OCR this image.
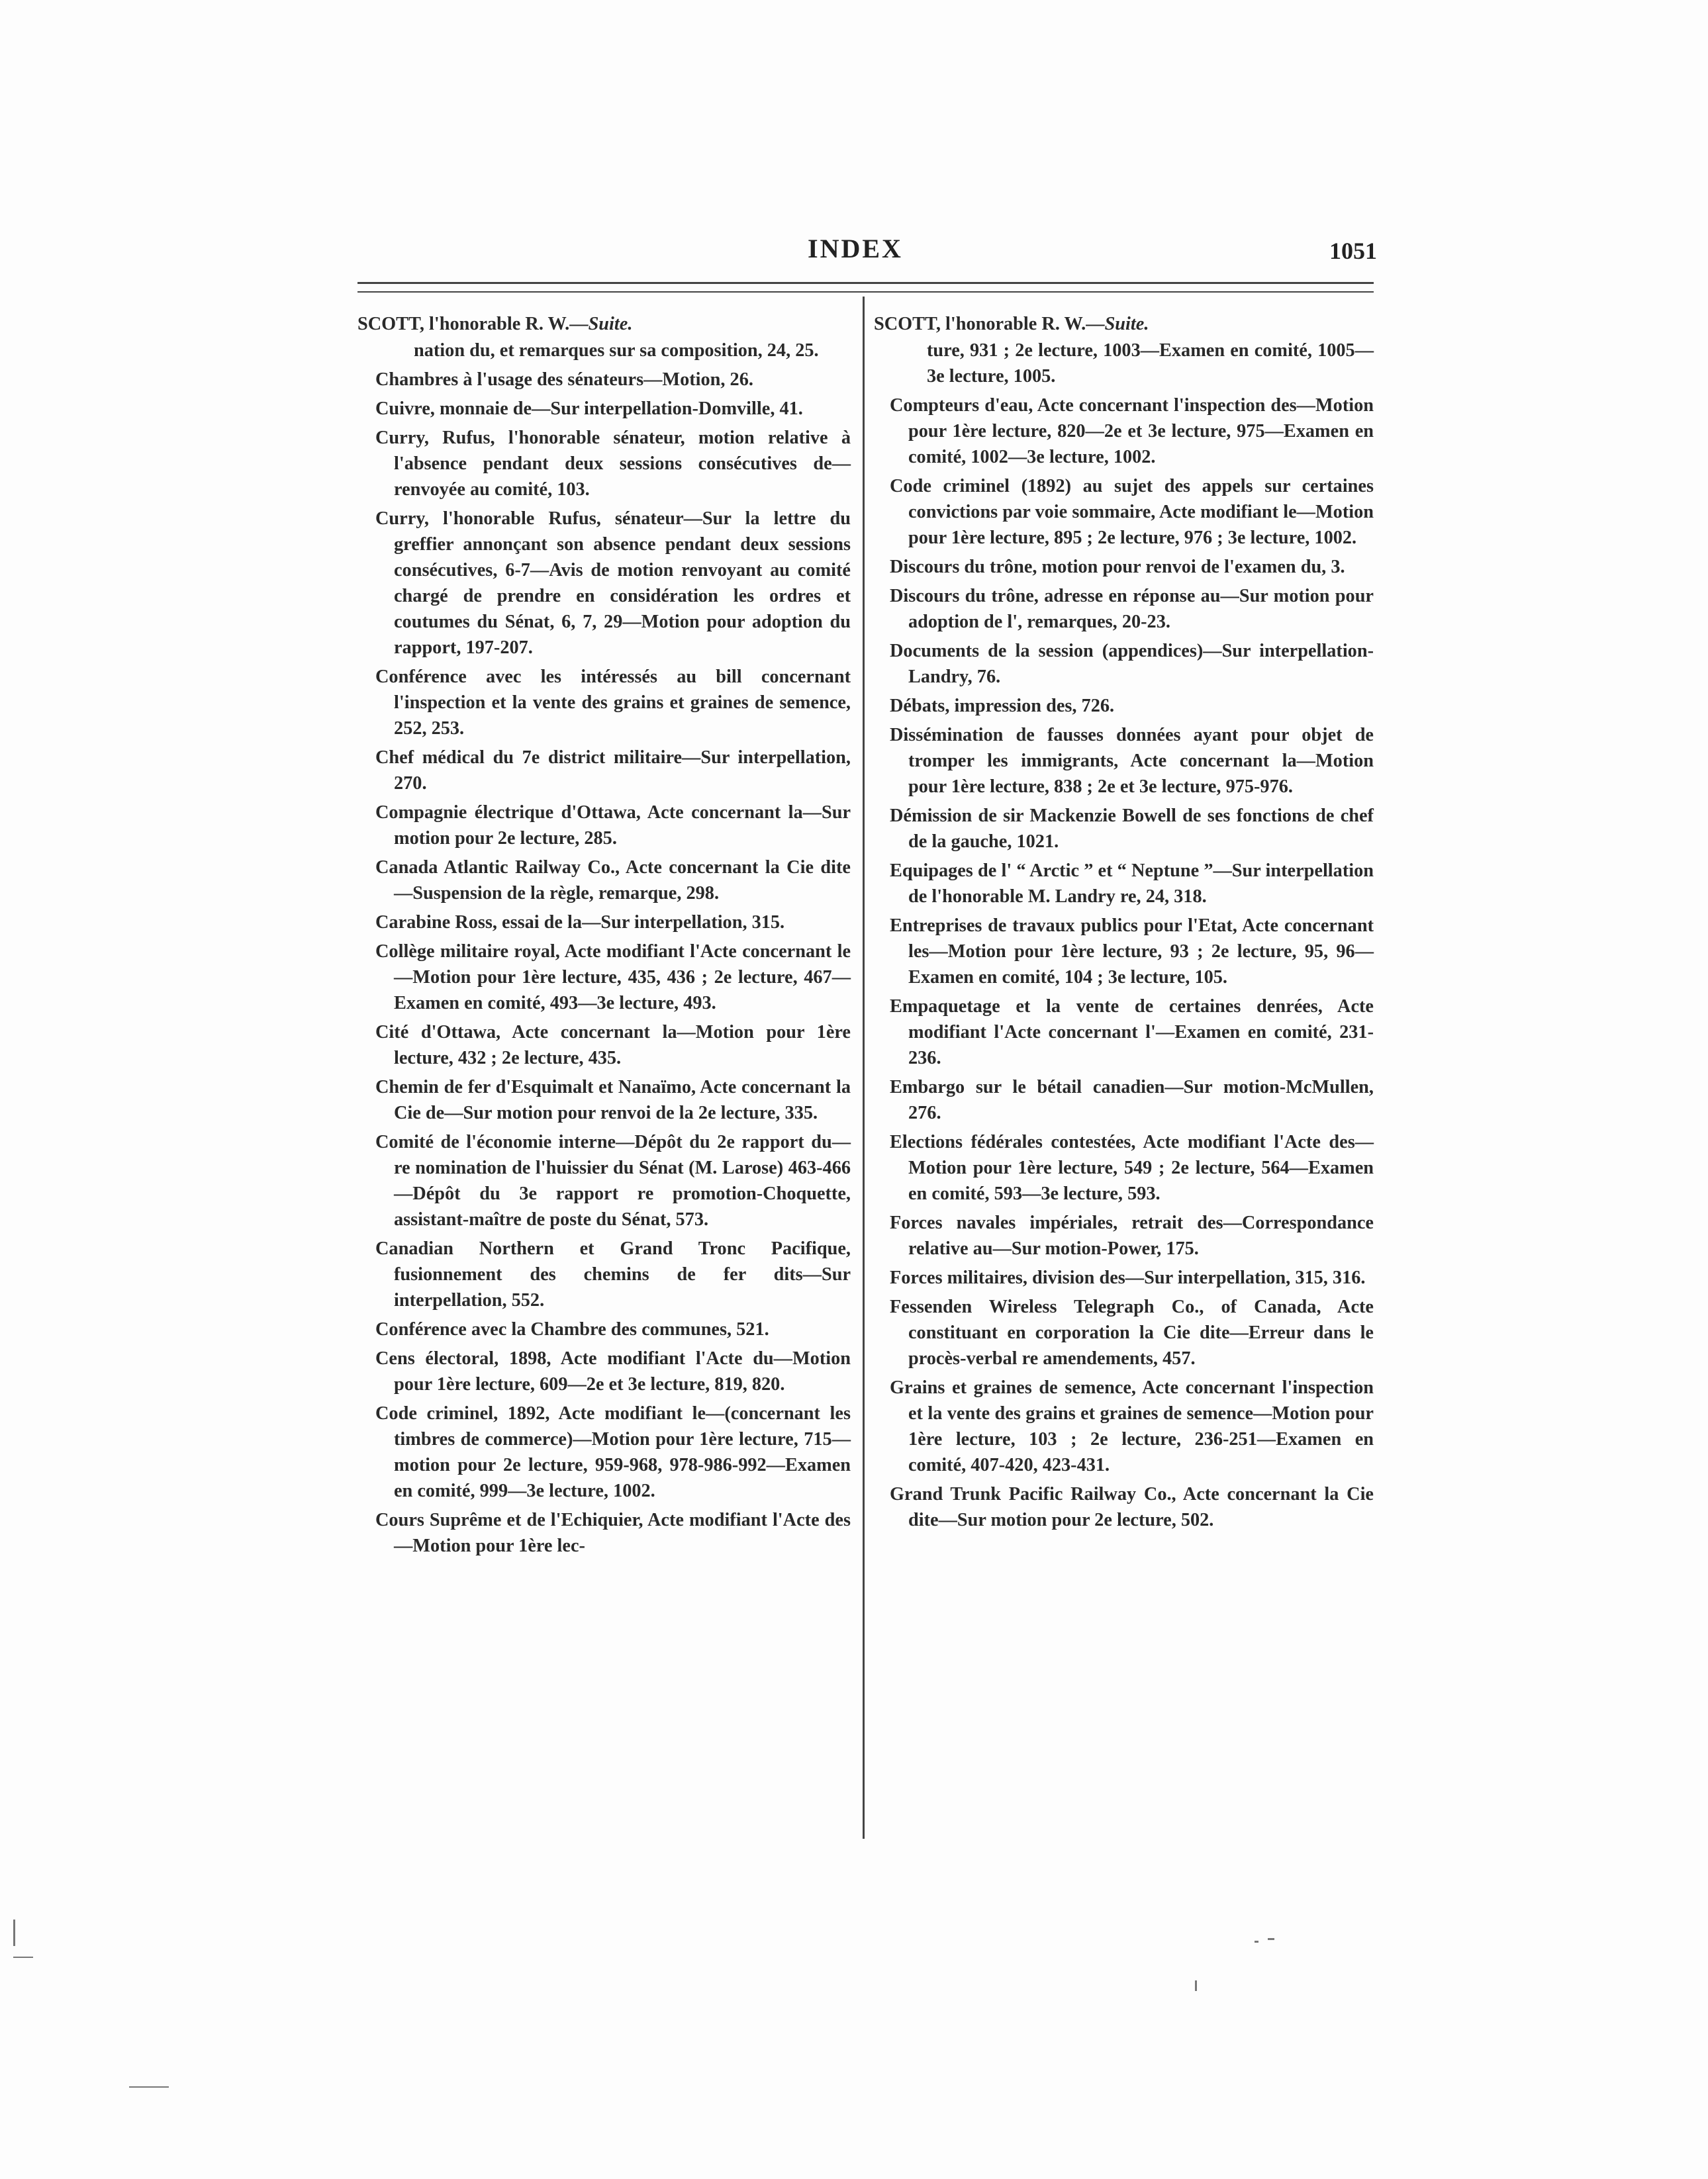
INDEX	1051
SCOTT, l'honorable R. W.—Suite.
nation du, et remarques sur sa composition, 24, 25.
Chambres à l'usage des sénateurs—Motion, 26.
Cuivre, monnaie de—Sur interpellation-Domville, 41.
Curry, Rufus, l'honorable sénateur, motion relative à l'absence pendant deux sessions consécutives de—renvoyée au comité, 103.
Curry, l'honorable Rufus, sénateur—Sur la lettre du greffier annonçant son absence pendant deux sessions consécutives, 6-7—Avis de motion renvoyant au comité chargé de prendre en considération les ordres et coutumes du Sénat, 6, 7, 29—Motion pour adoption du rapport, 197-207.
Conférence avec les intéressés au bill concernant l'inspection et la vente des grains et graines de semence, 252, 253.
Chef médical du 7e district militaire—Sur interpellation, 270.
Compagnie électrique d'Ottawa, Acte concernant la—Sur motion pour 2e lecture, 285.
Canada Atlantic Railway Co., Acte concernant la Cie dite—Suspension de la règle, remarque, 298.
Carabine Ross, essai de la—Sur interpellation, 315.
Collège militaire royal, Acte modifiant l'Acte concernant le—Motion pour 1ère lecture, 435, 436 ; 2e lecture, 467—Examen en comité, 493—3e lecture, 493.
Cité d'Ottawa, Acte concernant la—Motion pour 1ère lecture, 432 ; 2e lecture, 435.
Chemin de fer d'Esquimalt et Nanaïmo, Acte concernant la Cie de—Sur motion pour renvoi de la 2e lecture, 335.
Comité de l'économie interne—Dépôt du 2e rapport du—re nomination de l'huissier du Sénat (M. Larose) 463-466—Dépôt du 3e rapport re promotion-Choquette, assistant-maître de poste du Sénat, 573.
Canadian Northern et Grand Tronc Pacifique, fusionnement des chemins de fer dits—Sur interpellation, 552.
Conférence avec la Chambre des communes, 521.
Cens électoral, 1898, Acte modifiant l'Acte du—Motion pour 1ère lecture, 609—2e et 3e lecture, 819, 820.
Code criminel, 1892, Acte modifiant le—(concernant les timbres de commerce)—Motion pour 1ère lecture, 715—motion pour 2e lecture, 959-968, 978-986-992—Examen en comité, 999—3e lecture, 1002.
Cours Suprême et de l'Echiquier, Acte modifiant l'Acte des—Motion pour 1ère lec-
SCOTT, l'honorable R. W.—Suite.
ture, 931 ; 2e lecture, 1003—Examen en comité, 1005—3e lecture, 1005.
Compteurs d'eau, Acte concernant l'inspection des—Motion pour 1ère lecture, 820—2e et 3e lecture, 975—Examen en comité, 1002—3e lecture, 1002.
Code criminel (1892) au sujet des appels sur certaines convictions par voie sommaire, Acte modifiant le—Motion pour 1ère lecture, 895 ; 2e lecture, 976 ; 3e lecture, 1002.
Discours du trône, motion pour renvoi de l'examen du, 3.
Discours du trône, adresse en réponse au—Sur motion pour adoption de l', remarques, 20-23.
Documents de la session (appendices)—Sur interpellation-Landry, 76.
Débats, impression des, 726.
Dissémination de fausses données ayant pour objet de tromper les immigrants, Acte concernant la—Motion pour 1ère lecture, 838 ; 2e et 3e lecture, 975-976.
Démission de sir Mackenzie Bowell de ses fonctions de chef de la gauche, 1021.
Equipages de l' “ Arctic ” et “ Neptune ”—Sur interpellation de l'honorable M. Landry re, 24, 318.
Entreprises de travaux publics pour l'Etat, Acte concernant les—Motion pour 1ère lecture, 93 ; 2e lecture, 95, 96—Examen en comité, 104 ; 3e lecture, 105.
Empaquetage et la vente de certaines denrées, Acte modifiant l'Acte concernant l'—Examen en comité, 231-236.
Embargo sur le bétail canadien—Sur motion-McMullen, 276.
Elections fédérales contestées, Acte modifiant l'Acte des—Motion pour 1ère lecture, 549 ; 2e lecture, 564—Examen en comité, 593—3e lecture, 593.
Forces navales impériales, retrait des—Correspondance relative au—Sur motion-Power, 175.
Forces militaires, division des—Sur interpellation, 315, 316.
Fessenden Wireless Telegraph Co., of Canada, Acte constituant en corporation la Cie dite—Erreur dans le procès-verbal re amendements, 457.
Grains et graines de semence, Acte concernant l'inspection et la vente des grains et graines de semence—Motion pour 1ère lecture, 103 ; 2e lecture, 236-251—Examen en comité, 407-420, 423-431.
Grand Trunk Pacific Railway Co., Acte concernant la Cie dite—Sur motion pour 2e lecture, 502.
